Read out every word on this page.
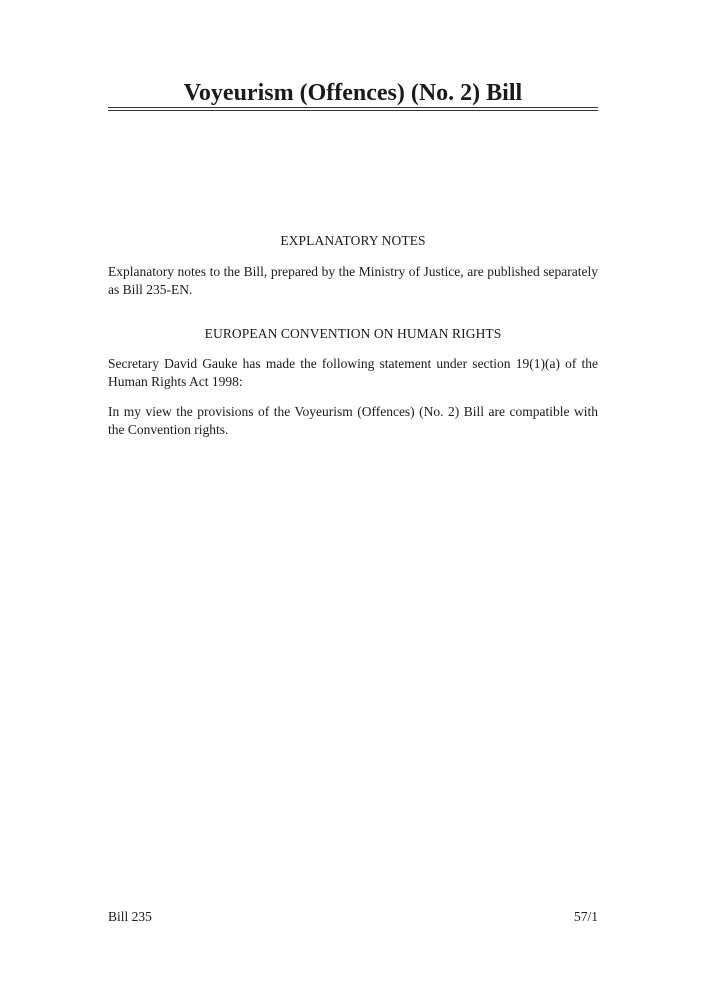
Voyeurism (Offences) (No. 2) Bill
EXPLANATORY NOTES

Explanatory notes to the Bill, prepared by the Ministry of Justice, are published separately as Bill 235-EN.

EUROPEAN CONVENTION ON HUMAN RIGHTS

Secretary David Gauke has made the following statement under section 19(1)(a) of the Human Rights Act 1998:

In my view the provisions of the Voyeurism (Offences) (No. 2) Bill are compatible with the Convention rights.

Bill 235	57/1
